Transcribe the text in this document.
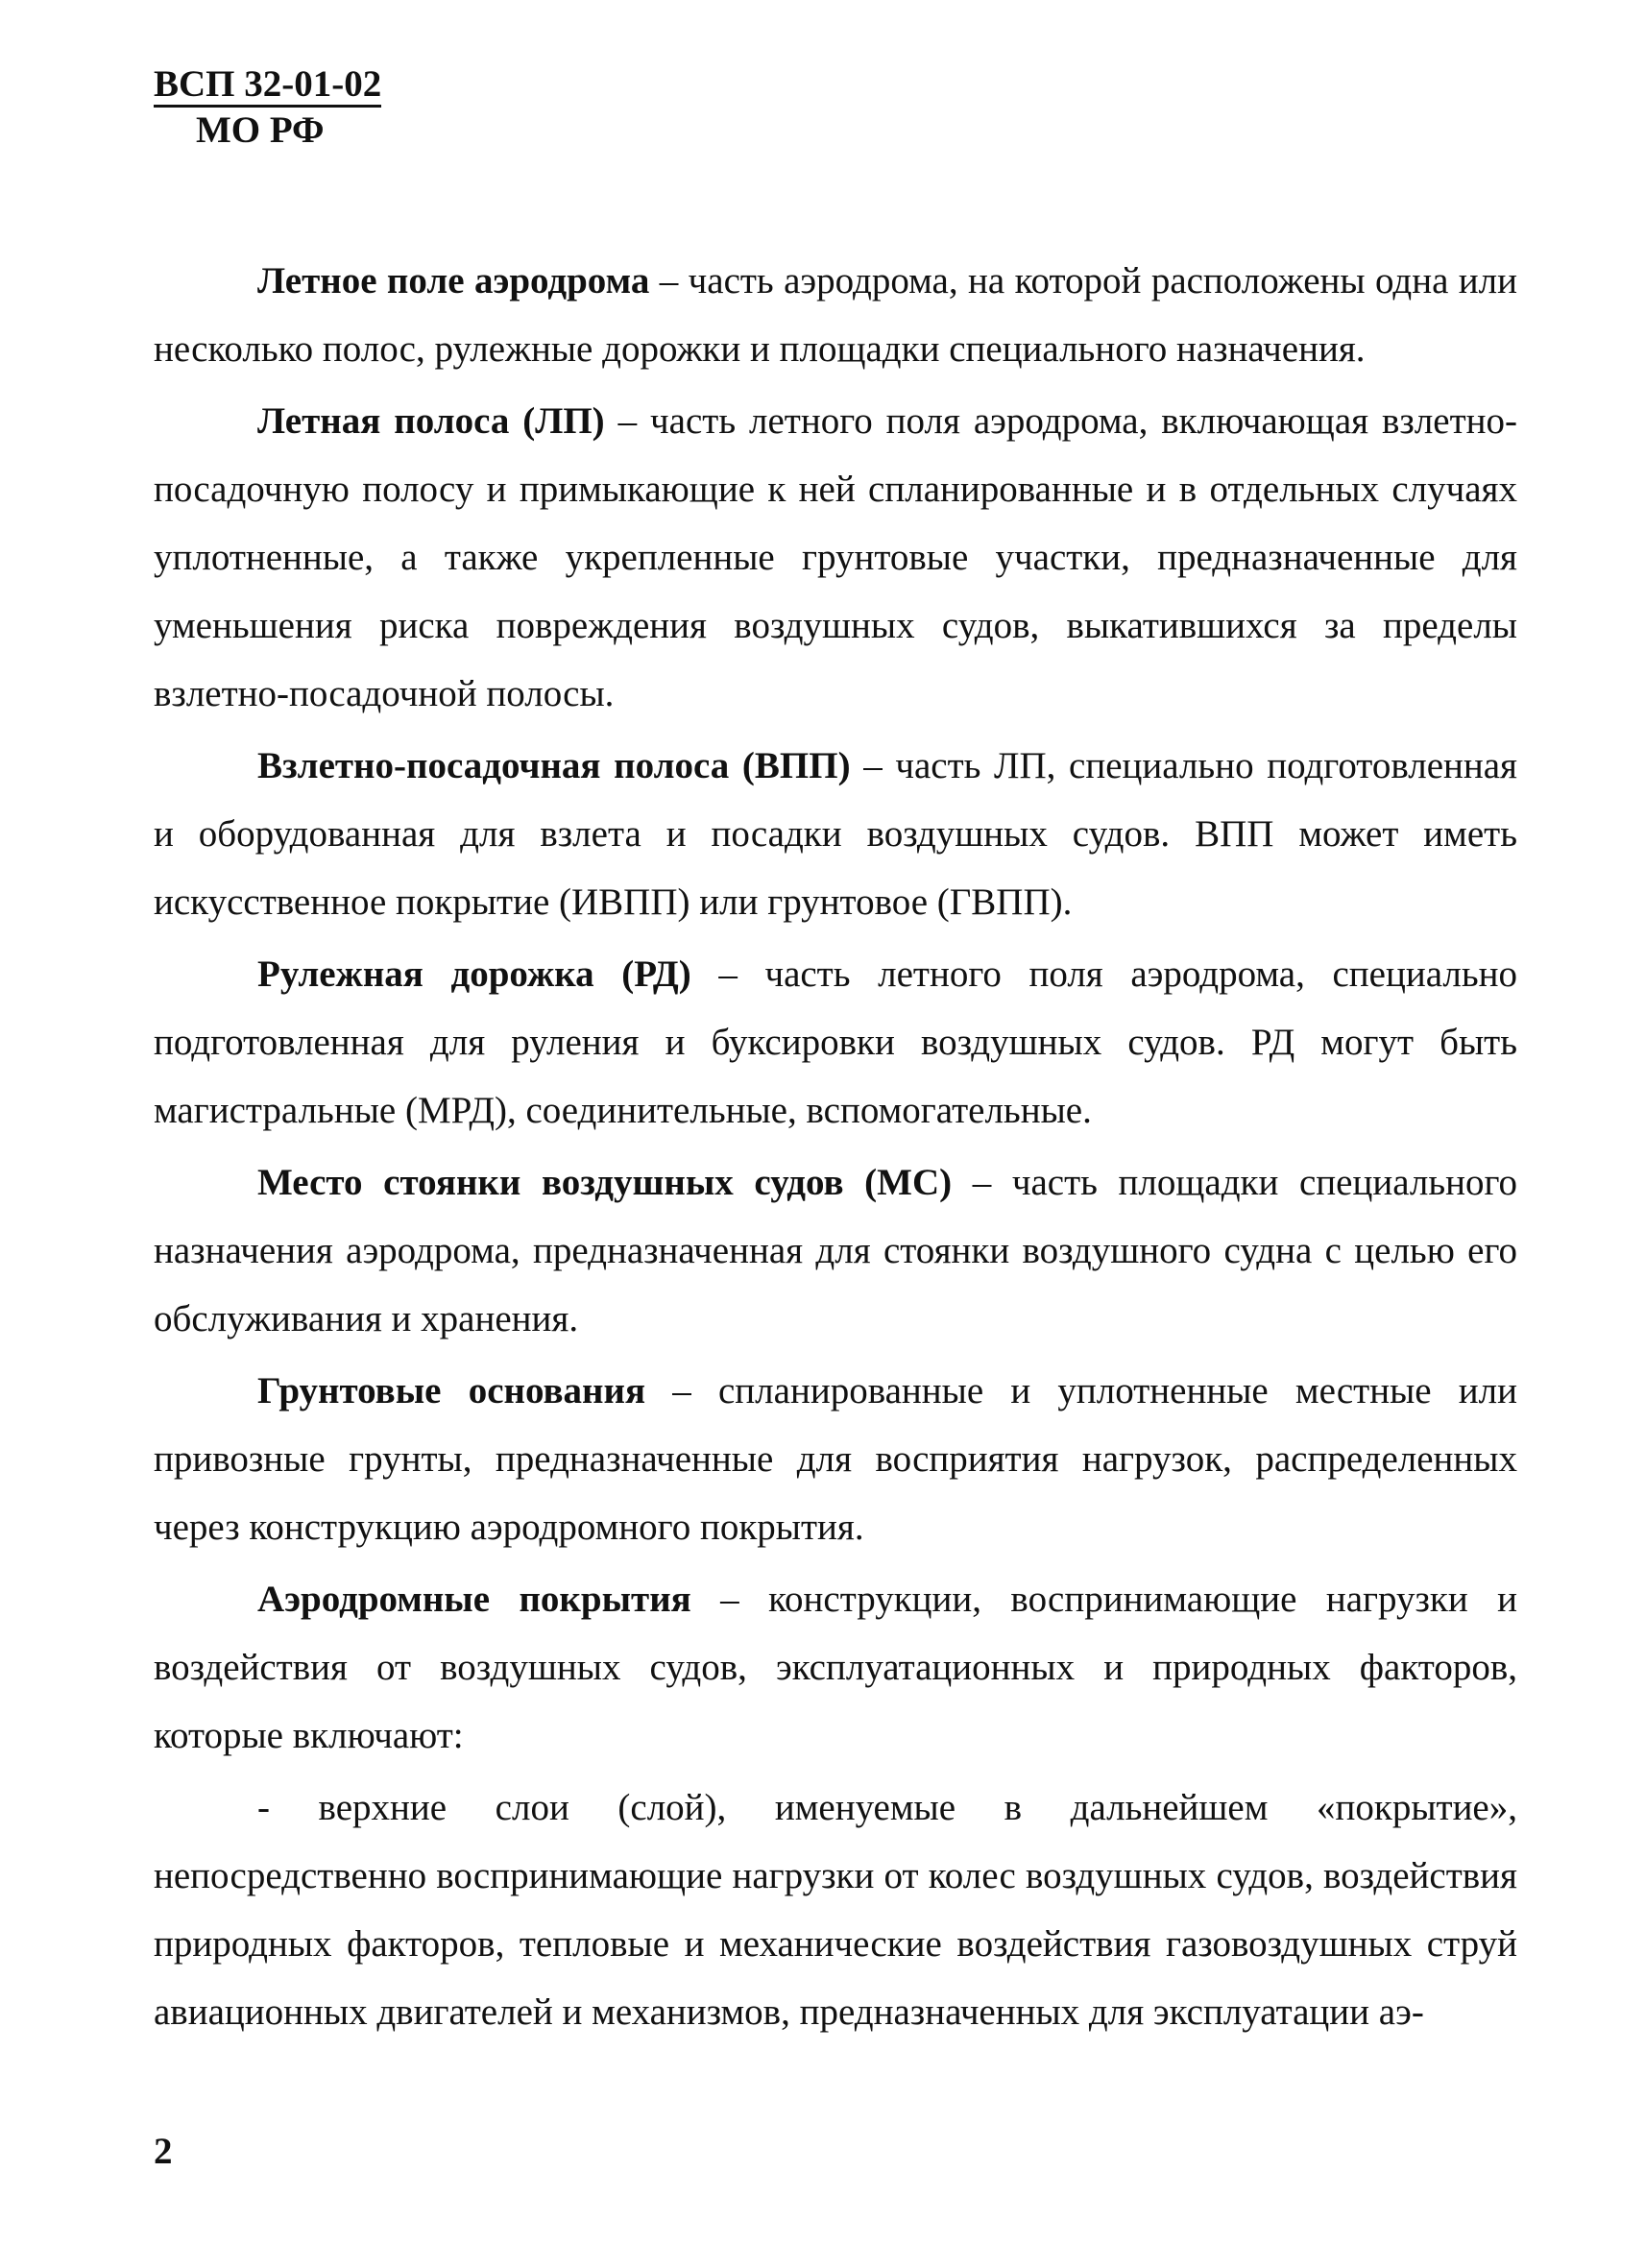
ВСП 32-01-02
МО РФ

Летное поле аэродрома – часть аэродрома, на которой расположены одна или несколько полос, рулежные дорожки и площадки специального назначения.

Летная полоса (ЛП) – часть летного поля аэродрома, включающая взлетно-посадочную полосу и примыкающие к ней спланированные и в отдельных случаях уплотненные, а также укрепленные грунтовые участки, предназначенные для уменьшения риска повреждения воздушных судов, выкатившихся за пределы взлетно-посадочной полосы.

Взлетно-посадочная полоса (ВПП) – часть ЛП, специально подготовленная и оборудованная для взлета и посадки воздушных судов. ВПП может иметь искусственное покрытие (ИВПП) или грунтовое (ГВПП).

Рулежная дорожка (РД) – часть летного поля аэродрома, специально подготовленная для руления и буксировки воздушных судов. РД могут быть магистральные (МРД), соединительные, вспомогательные.

Место стоянки воздушных судов (МС) – часть площадки специального назначения аэродрома, предназначенная для стоянки воздушного судна с целью его обслуживания и хранения.

Грунтовые основания – спланированные и уплотненные местные или привозные грунты, предназначенные для восприятия нагрузок, распределенных через конструкцию аэродромного покрытия.

Аэродромные покрытия – конструкции, воспринимающие нагрузки и воздействия от воздушных судов, эксплуатационных и природных факторов, которые включают:

- верхние слои (слой), именуемые в дальнейшем «покрытие», непосредственно воспринимающие нагрузки от колес воздушных судов, воздействия природных факторов, тепловые и механические воздействия газовоздушных струй авиационных двигателей и механизмов, предназначенных для эксплуатации аэ-

2
